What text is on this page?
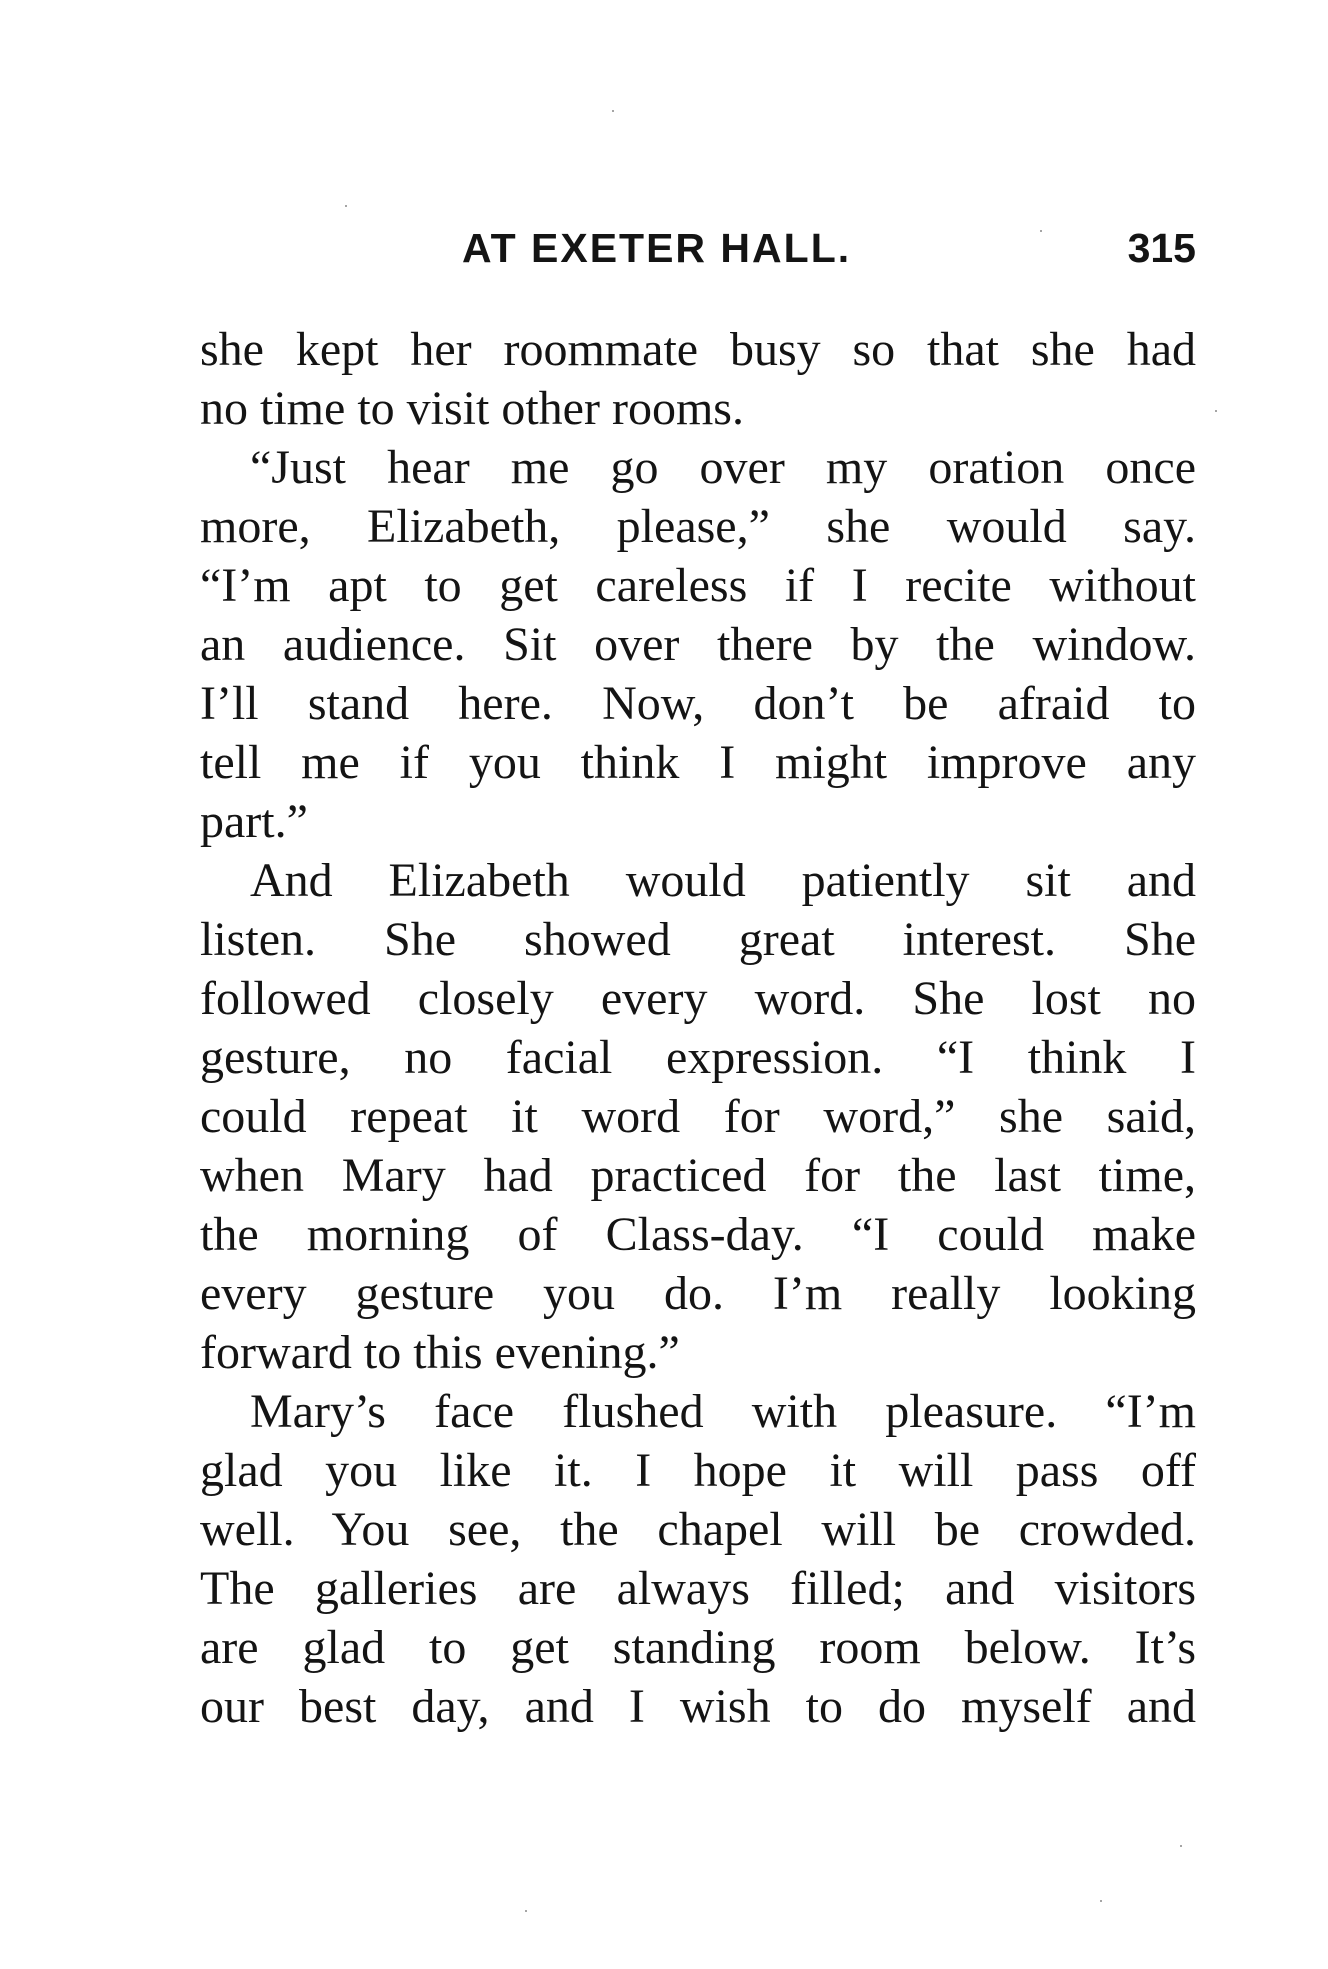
AT EXETER HALL.	315
she kept her roommate busy so that she had
no time to visit other rooms.
“Just hear me go over my oration once
more, Elizabeth, please,” she would say.
“I’m apt to get careless if I recite without
an audience. Sit over there by the window.
I’ll stand here. Now, don’t be afraid to
tell me if you think I might improve any
part.”
And Elizabeth would patiently sit and
listen. She showed great interest. She
followed closely every word. She lost no
gesture, no facial expression. “I think I
could repeat it word for word,” she said,
when Mary had practiced for the last time,
the morning of Class-day. “I could make
every gesture you do. I’m really looking
forward to this evening.”
Mary’s face flushed with pleasure. “I’m
glad you like it. I hope it will pass off
well. You see, the chapel will be crowded.
The galleries are always filled; and visitors
are glad to get standing room below. It’s
our best day, and I wish to do myself and
